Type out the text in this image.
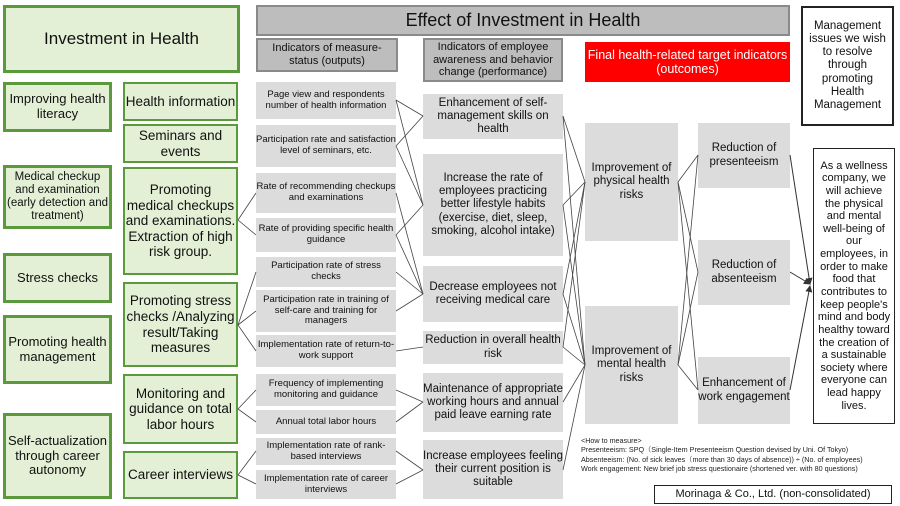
Effect of Investment in Health
Investment in Health
Indicators of measure-status (outputs)
Indicators of employee awareness and behavior change (performance)
Final health-related target indicators (outcomes)
Management issues we wish to resolve through promoting Health Management
Improving health literacy
Medical checkup and examination (early detection and treatment)
Stress checks
Promoting health management
Self-actualization through career autonomy
Health information
Seminars and events
Promoting medical checkups and examinations. Extraction of high risk group.
Promoting stress checks /Analyzing result/Taking measures
Monitoring and guidance on total labor hours
Career interviews
Page view and respondents number of health information
Participation rate and satisfaction level of seminars, etc.
Rate of recommending checkups and examinations
Rate of providing specific health guidance
Participation rate of stress checks
Participation rate in training of self-care and training for managers
Implementation rate of return-to-work support
Frequency of implementing monitoring and guidance
Annual total labor hours
Implementation rate of rank-based interviews
Implementation rate of career interviews
Enhancement of self-management skills on health
Increase the rate of employees practicing better lifestyle habits (exercise, diet, sleep, smoking, alcohol intake)
Decrease employees not receiving medical care
Reduction in overall health risk
Maintenance of appropriate working hours and annual paid leave earning rate
Increase employees feeling their current position is suitable
Improvement of physical health risks
Improvement of mental health risks
Reduction of presenteeism
Reduction of absenteeism
Enhancement of work engagement
As a wellness company, we will achieve the physical and mental well-being of our employees, in order to make food that contributes to keep people's mind and body healthy toward the creation of a sustainable society where everyone can lead happy lives.
<How to measure>
Presenteeism: SPQ（Single-Item Presenteeism Question devised by Uni. Of Tokyo)
Absenteeism: (No. of sick leaves（more than 30 days of absence)) ÷ (No. of employees)
Work engagement: New brief job stress questionaire (shortened ver. with 80 questions)
Morinaga & Co., Ltd. (non-consolidated)
